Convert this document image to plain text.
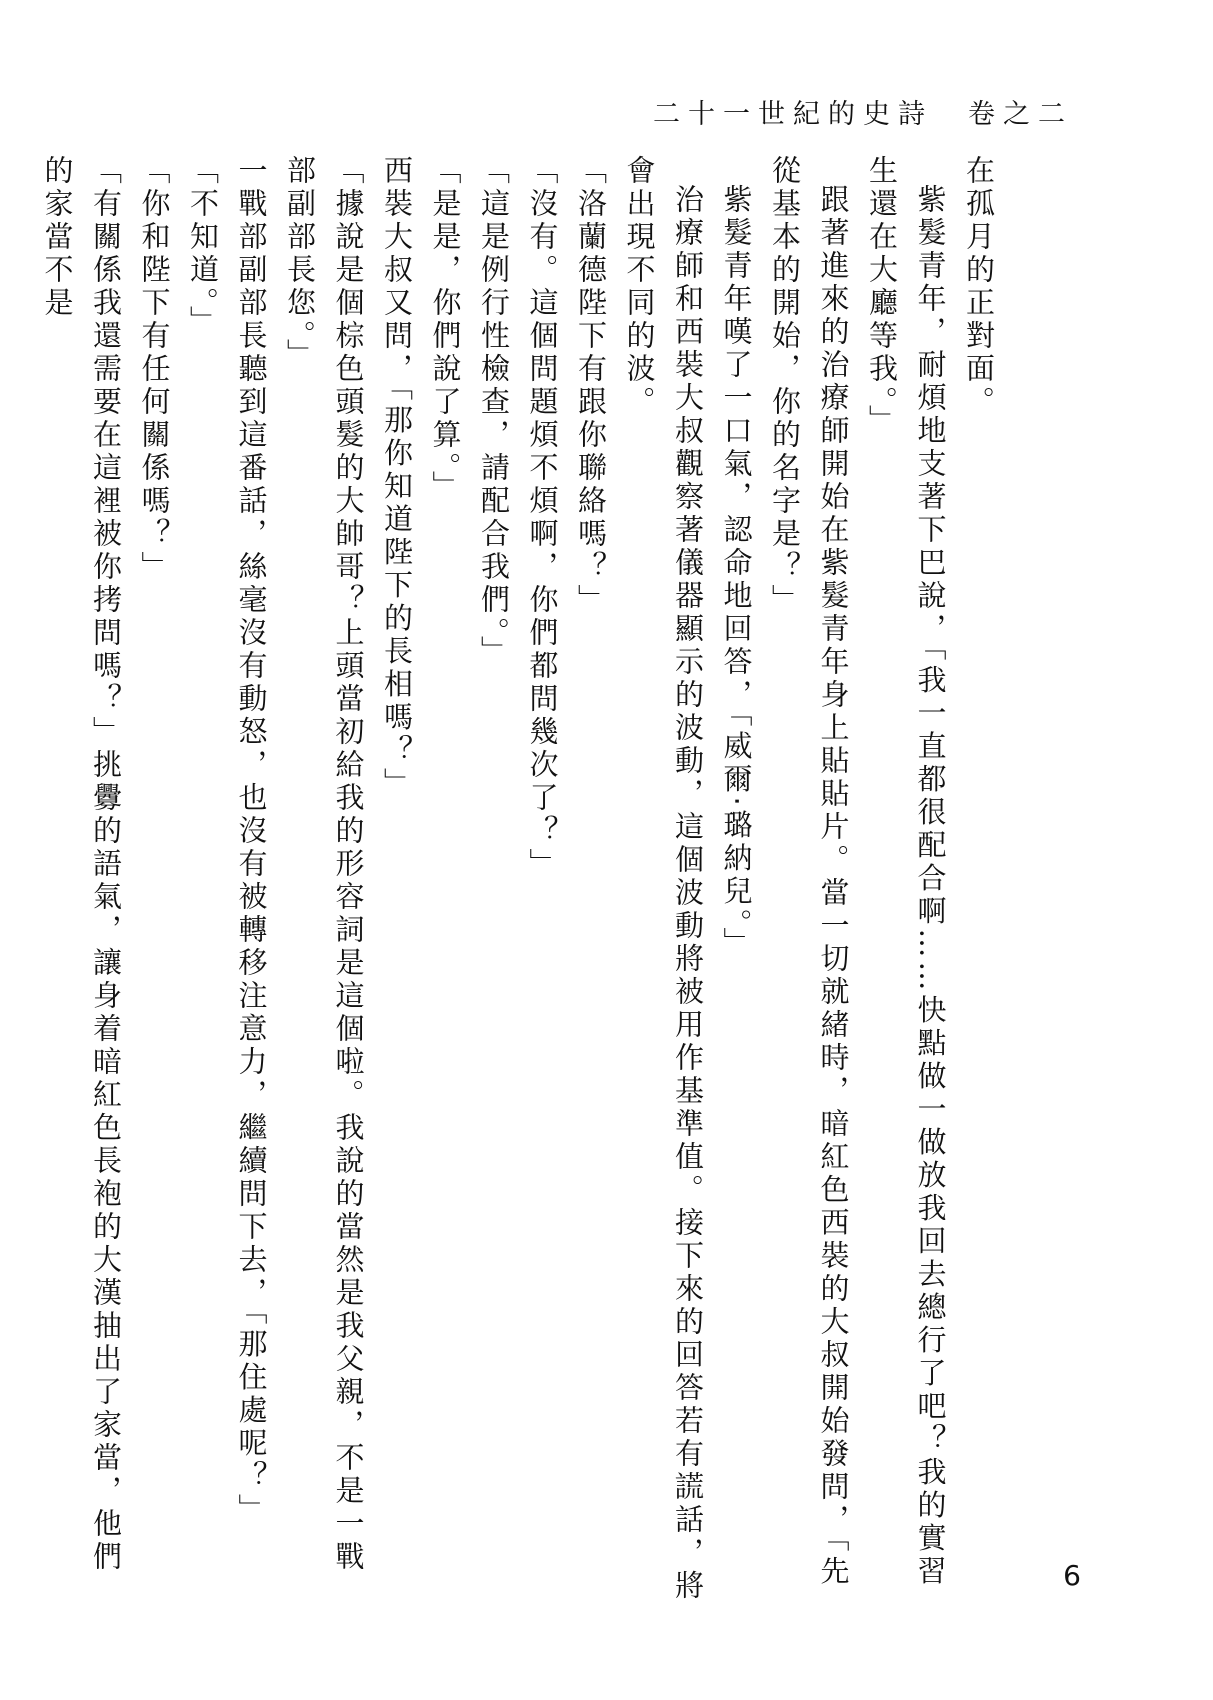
二十一世紀的史詩　卷之二

在孤月的正對面。

紫髮青年，耐煩地支著下巴說，「我一直都很配合啊……快點做一做放我回去總行了吧？我的實習生還在大廳等我。」

跟著進來的治療師開始在紫髮青年身上貼貼片。當一切就緒時，暗紅色西裝的大叔開始發問，「先從基本的開始，你的名字是？」

紫髮青年嘆了一口氣，認命地回答，「威爾‧璐納兒。」

治療師和西裝大叔觀察著儀器顯示的波動，這個波動將被用作基準值。接下來的回答若有謊話，將會出現不同的波。

「洛蘭德陛下有跟你聯絡嗎？」

「沒有。這個問題煩不煩啊，你們都問幾次了？」

「這是例行性檢查，請配合我們。」

「是是，你們說了算。」

西裝大叔又問，「那你知道陛下的長相嗎？」

「據說是個棕色頭髮的大帥哥？上頭當初給我的形容詞是這個啦。我說的當然是我父親，不是一戰部副部長您。」

一戰部副部長聽到這番話，絲毫沒有動怒，也沒有被轉移注意力，繼續問下去，「那住處呢？」

「不知道。」

「你和陛下有任何關係嗎？」

「有關係我還需要在這裡被你拷問嗎？」挑釁的語氣，讓身着暗紅色長袍的大漢抽出了家當，他們的家當不是

6
